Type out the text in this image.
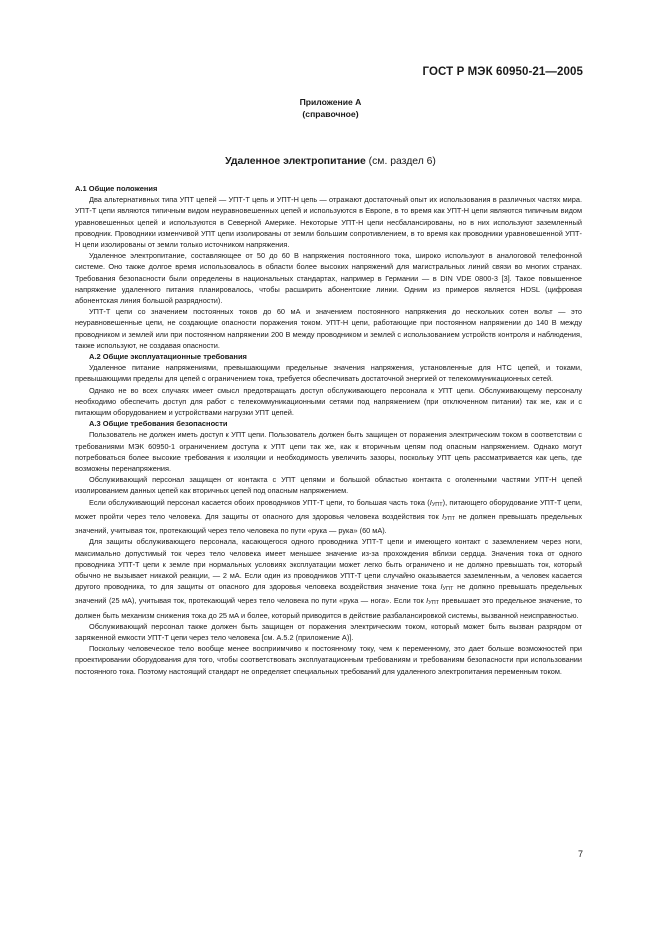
ГОСТ Р МЭК 60950-21—2005
Приложение А
(справочное)
Удаленное электропитание (см. раздел 6)
А.1 Общие положения

Два альтернативных типа УПТ цепей — УПТ-Т цепь и УПТ-Н цепь — отражают достаточный опыт их использования в различных частях мира. УПТ-Т цепи являются типичным видом неуравновешенных цепей и используются в Европе, в то время как УПТ-Н цепи являются типичным видом уравновешенных цепей и используются в Северной Америке. Некоторые УПТ-Н цепи несбалансированы, но в них используют заземленный проводник. Проводники изменчивой УПТ цепи изолированы от земли большим сопротивлением, в то время как проводники уравновешенной УПТ-Н цепи изолированы от земли только источником напряжения.

Удаленное электропитание, составляющее от 50 до 60 В напряжения постоянного тока, широко используют в аналоговой телефонной системе. Оно также долгое время использовалось в области более высоких напряжений для магистральных линий связи во многих странах. Требования безопасности были определены в национальных стандартах, например в Германии — в DIN VDE 0800-3 [3]. Такое повышенное напряжение удаленного питания планировалось, чтобы расширить абонентские линии. Одним из примеров является HDSL (цифровая абонентская линия большой разрядности).

УПТ-Т цепи со значением постоянных токов до 60 мА и значением постоянного напряжения до нескольких сотен вольт — это неуравновешенные цепи, не создающие опасности поражения током. УПТ-Н цепи, работающие при постоянном напряжении до 140 В между проводником и землей или при постоянном напряжении 200 В между проводником и землей с использованием устройств контроля и наблюдения, также используют, не создавая опасности.

А.2 Общие эксплуатационные требования

Удаленное питание напряжениями, превышающими предельные значения напряжения, установленные для НТС цепей, и токами, превышающими пределы для цепей с ограничением тока, требуется обеспечивать достаточной энергией от телекоммуникационных сетей.

Однако не во всех случаях имеет смысл предотвращать доступ обслуживающего персонала к УПТ цепи. Обслуживающему персоналу необходимо обеспечить доступ для работ с телекоммуникационными сетями под напряжением (при отключенном питании) так же, как и с питающим оборудованием и устройствами нагрузки УПТ цепей.

А.3 Общие требования безопасности

Пользователь не должен иметь доступ к УПТ цепи. Пользователь должен быть защищен от поражения электрическим током в соответствии с требованиями МЭК 60950-1 ограничением доступа к УПТ цепи так же, как к вторичным цепям под опасным напряжением. Однако могут потребоваться более высокие требования к изоляции и необходимость увеличить зазоры, поскольку УПТ цепь рассматривается как цепь, где возможны перенапряжения.

Обслуживающий персонал защищен от контакта с УПТ цепями и большой областью контакта с оголенными частями УПТ-Н цепей изолированием данных цепей как вторичных цепей под опасным напряжением.

Если обслуживающий персонал касается обоих проводников УПТ-Т цепи, то большая часть тока (IУПТ), питающего оборудование УПТ-Т цепи, может пройти через тело человека. Для защиты от опасного для здоровья человека воздействия ток IУПТ не должен превышать предельных значений, учитывая ток, протекающий через тело человека по пути «рука — рука» (60 мА).

Для защиты обслуживающего персонала, касающегося одного проводника УПТ-Т цепи и имеющего контакт с заземлением через ноги, максимально допустимый ток через тело человека имеет меньшее значение из-за прохождения вблизи сердца. Значения тока от одного проводника УПТ-Т цепи к земле при нормальных условиях эксплуатации может легко быть ограничено и не должно превышать ток, который обычно не вызывает никакой реакции, — 2 мА. Если один из проводников УПТ-Т цепи случайно оказывается заземленным, а человек касается другого проводника, то для защиты от опасного для здоровья человека воздействия значение тока IУПТ не должно превышать предельных значений (25 мА), учитывая ток, протекающий через тело человека по пути «рука — нога». Если ток IУПТ превышает это предельное значение, то должен быть механизм снижения тока до 25 мА и более, который приводится в действие разбалансировкой системы, вызванной неисправностью.

Обслуживающий персонал также должен быть защищен от поражения электрическим током, который может быть вызван разрядом от заряженной емкости УПТ-Т цепи через тело человека [см. А.5.2 (приложение А)].

Поскольку человеческое тело вообще менее восприимчиво к постоянному току, чем к переменному, это дает больше возможностей при проектировании оборудования для того, чтобы соответствовать эксплуатационным требованиям и требованиям безопасности при использовании постоянного тока. Поэтому настоящий стандарт не определяет специальных требований для удаленного электропитания переменным током.

7
